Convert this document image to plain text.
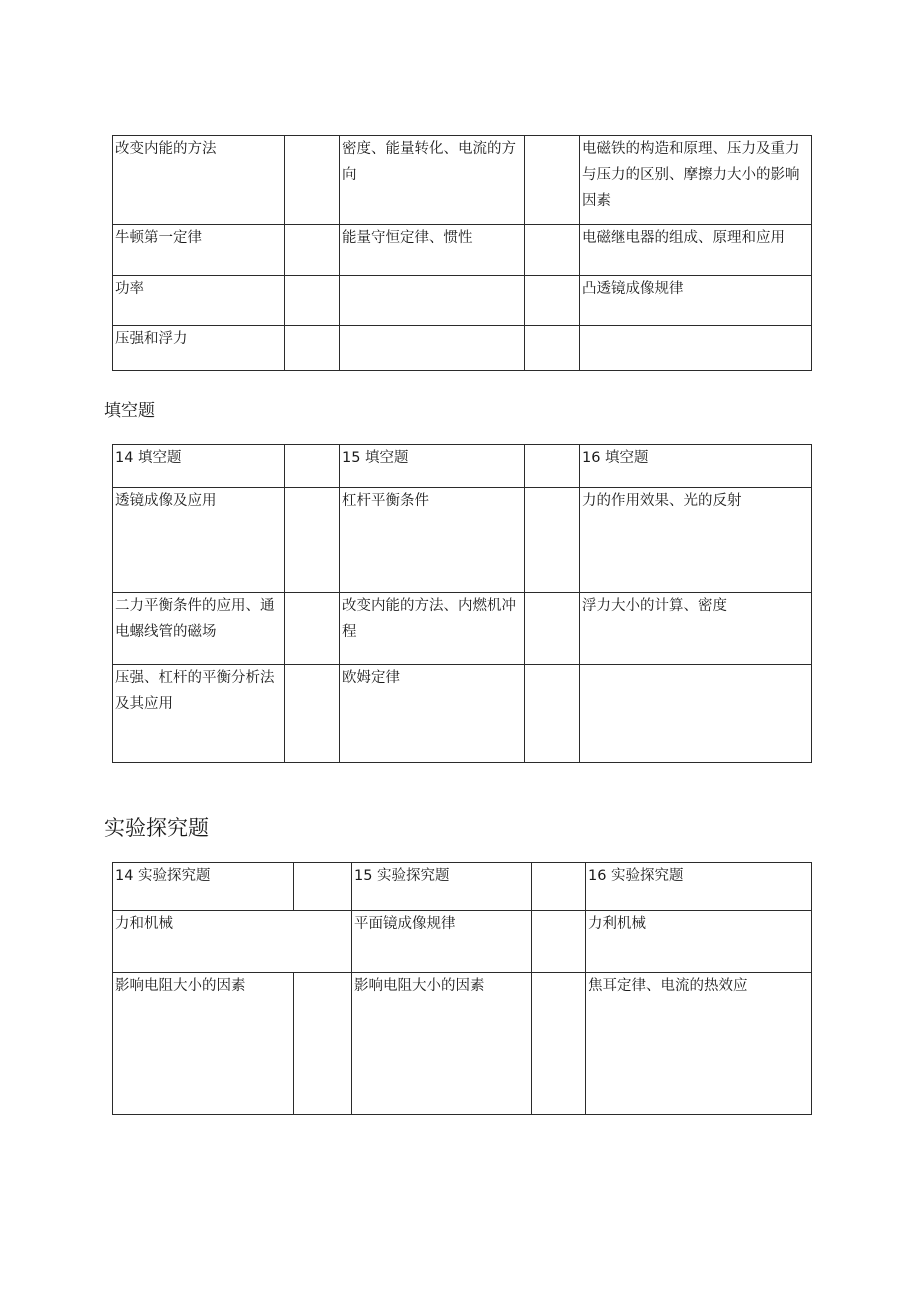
改变内能的方法		密度、能量转化、电流的方向		电磁铁的构造和原理、压力及重力与压力的区别、摩擦力大小的影响因素
牛顿第一定律		能量守恒定律、惯性		电磁继电器的组成、原理和应用
功率				凸透镜成像规律
压强和浮力				
填空题
14 填空题		15 填空题		16 填空题
透镜成像及应用		杠杆平衡条件		力的作用效果、光的反射
二力平衡条件的应用、通电螺线管的磁场		改变内能的方法、内燃机冲程		浮力大小的计算、密度
压强、杠杆的平衡分析法及其应用		欧姆定律		
实验探究题
14 实验探究题		15 实验探究题		16 实验探究题
力和机械		平面镜成像规律		力利机械
影响电阻大小的因素		影响电阻大小的因素		焦耳定律、电流的热效应
